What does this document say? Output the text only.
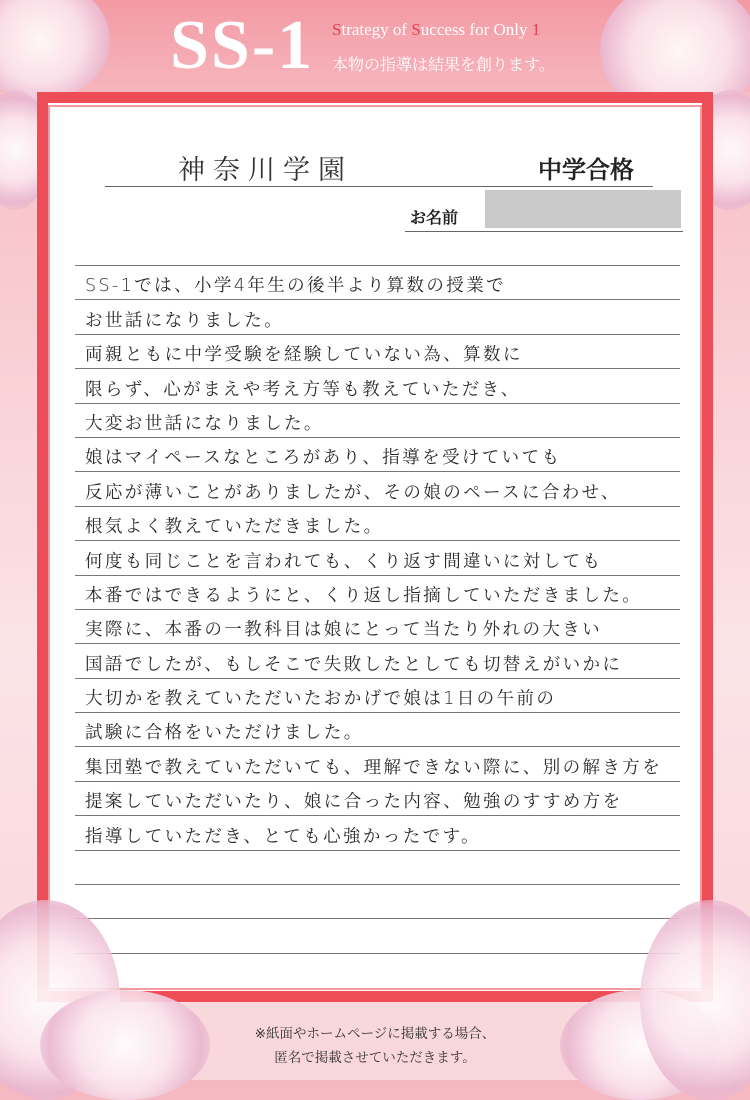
SS-1 Strategy of Success for Only 1
本物の指導は結果を創ります。
神奈川学園	中学合格
お名前
SS-1では、小学4年生の後半より算数の授業で
お世話になりました。
両親ともに中学受験を経験していない為、算数に
限らず、心がまえや考え方等も教えていただき、
大変お世話になりました。
娘はマイペースなところがあり、指導を受けていても
反応が薄いことがありましたが、その娘のペースに合わせ、
根気よく教えていただきました。
何度も同じことを言われても、くり返す間違いに対しても
本番ではできるようにと、くり返し指摘していただきました。
実際に、本番の一教科目は娘にとって当たり外れの大きい
国語でしたが、もしそこで失敗したとしても切替えがいかに
大切かを教えていただいたおかげで娘は1日の午前の
試験に合格をいただけました。
集団塾で教えていただいても、理解できない際に、別の解き方を
提案していただいたり、娘に合った内容、勉強のすすめ方を
指導していただき、とても心強かったです。
※紙面やホームページに掲載する場合、
匿名で掲載させていただきます。
